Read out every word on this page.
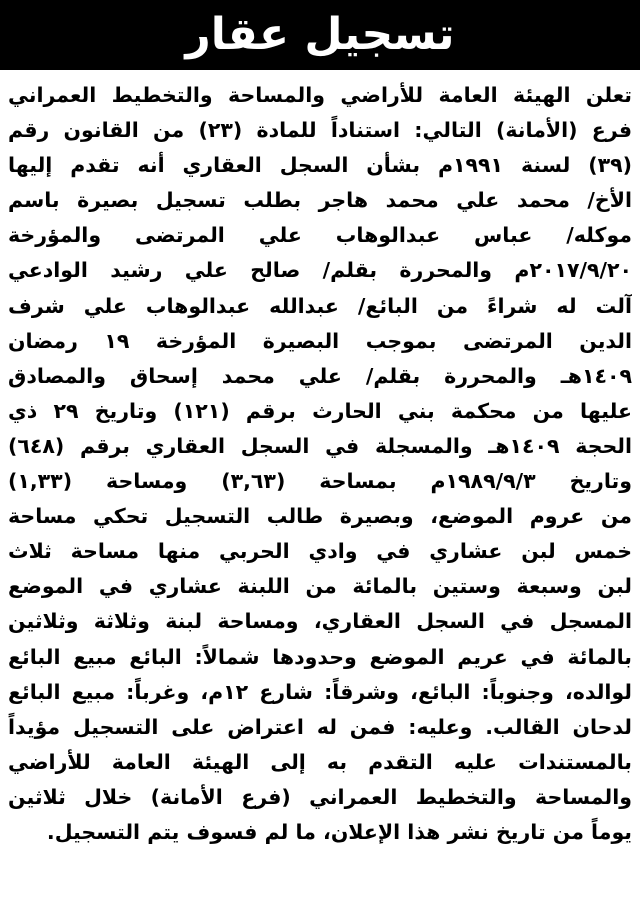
تسجيل عقار
تعلن الهيئة العامة للأراضي والمساحة والتخطيط العمراني
فرع (الأمانة) التالي: استناداً للمادة (٢٣) من القانون رقم
(٣٩) لسنة ١٩٩١م بشأن السجل العقاري أنه تقدم إليها
الأخ/ محمد علي محمد هاجر بطلب تسجيل بصيرة باسم
موكله/ عباس عبدالوهاب علي المرتضى والمؤرخة
٢٠١٧/٩/٢٠م والمحررة بقلم/ صالح علي رشيد الوادعي
آلت له شراءً من البائع/ عبدالله عبدالوهاب علي شرف
الدين المرتضى بموجب البصيرة المؤرخة ١٩ رمضان
١٤٠٩هـ والمحررة بقلم/ علي محمد إسحاق والمصادق
عليها من محكمة بني الحارث برقم (١٢١) وتاريخ ٢٩ ذي
الحجة ١٤٠٩هـ والمسجلة في السجل العقاري برقم (٦٤٨)
وتاريخ ١٩٨٩/٩/٣م بمساحة (٣,٦٣) ومساحة (١,٣٣)
من عروم الموضع، وبصيرة طالب التسجيل تحكي مساحة
خمس لبن عشاري في وادي الحربي منها مساحة ثلاث
لبن وسبعة وستين بالمائة من اللبنة عشاري في الموضع
المسجل في السجل العقاري، ومساحة لبنة وثلاثة وثلاثين
بالمائة في عريم الموضع وحدودها شمالاً: البائع مبيع البائع
لوالده، وجنوباً: البائع، وشرقاً: شارع ١٢م، وغرباً: مبيع البائع
لدحان القالب. وعليه: فمن له اعتراض على التسجيل مؤيداً
بالمستندات عليه التقدم به إلى الهيئة العامة للأراضي
والمساحة والتخطيط العمراني (فرع الأمانة) خلال ثلاثين
يوماً من تاريخ نشر هذا الإعلان، ما لم فسوف يتم التسجيل.
